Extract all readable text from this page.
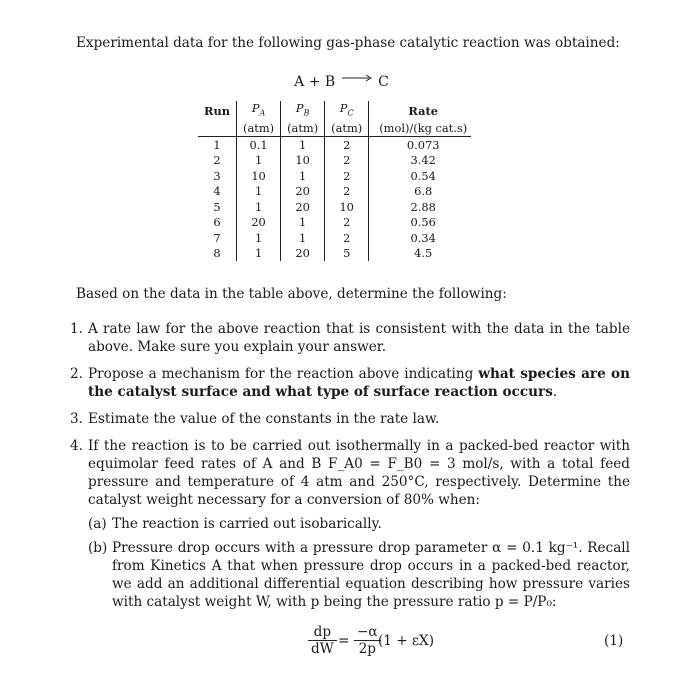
Experimental data for the following gas-phase catalytic reaction was obtained:

A + B → C
Run	$P_A$	$P_B$	$P_C$	Rate
	(atm)	(atm)	(atm)	(mol)/(kg cat.s)
1	0.1	1	2	0.073
2	1	10	2	3.42
3	10	1	2	0.54
4	1	20	2	6.8
5	1	20	10	2.88
6	20	1	2	0.56
7	1	1	2	0.34
8	1	20	5	4.5

Based on the data in the table above, determine the following:

1. A rate law for the above reaction that is consistent with the data in the table above. Make sure you explain your answer.
2. Propose a mechanism for the reaction above indicating what species are on the catalyst surface and what type of surface reaction occurs.
3. Estimate the value of the constants in the rate law.
4. If the reaction is to be carried out isothermally in a packed-bed reactor with equimolar feed rates of A and B F_A0 = F_B0 = 3 mol/s, with a total feed pressure and temperature of 4 atm and 250°C, respectively. Determine the catalyst weight necessary for a conversion of 80% when:
(a) The reaction is carried out isobarically.
(b) Pressure drop occurs with a pressure drop parameter α = 0.1 kg⁻¹. Recall from Kinetics A that when pressure drop occurs in a packed-bed reactor, we add an additional differential equation describing how pressure varies with catalyst weight W, with p being the pressure ratio p = P/P₀:
$\frac{dp}{dW} = \frac{-\alpha}{2p}$
(1 + εX)	(1)
